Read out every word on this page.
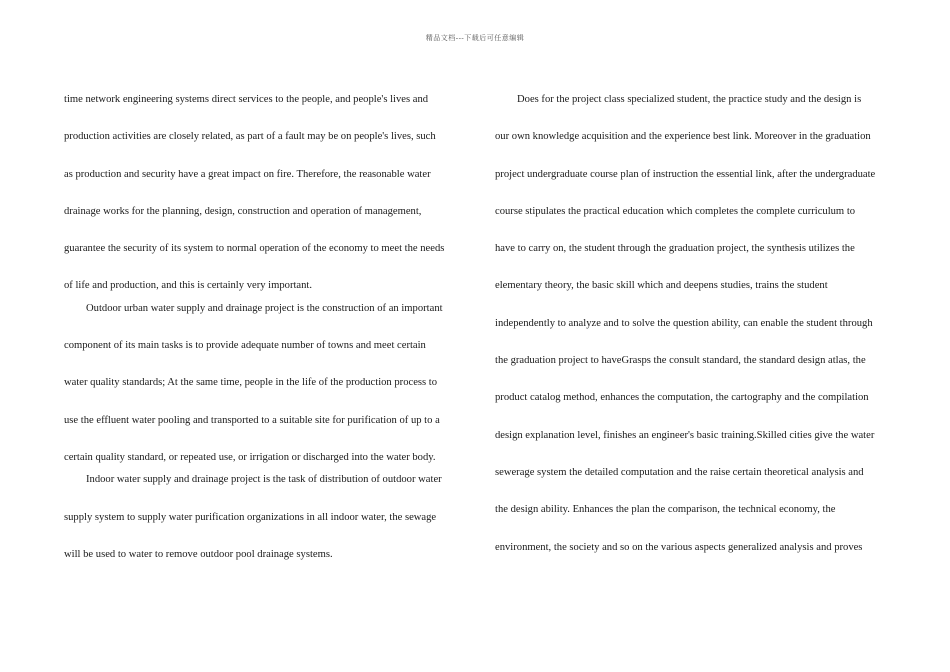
精品文档---下载后可任意编辑

time network engineering systems direct services to the people, and people's lives and
production activities are closely related, as part of a fault may be on people's lives, such
as production and security have a great impact on fire. Therefore, the reasonable water
drainage works for the planning, design, construction and operation of management,
guarantee the security of its system to normal operation of the economy to meet the needs
of life and production, and this is certainly very important.

Outdoor urban water supply and drainage project is the construction of an important
component of its main tasks is to provide adequate number of towns and meet certain
water quality standards; At the same time, people in the life of the production process to
use the effluent water pooling and transported to a suitable site for purification of up to a
certain quality standard, or repeated use, or irrigation or discharged into the water body.

Indoor water supply and drainage project is the task of distribution of outdoor water
supply system to supply water purification organizations in all indoor water, the sewage
will be used to water to remove outdoor pool drainage systems.

Does for the project class specialized student, the practice study and the design is
our own knowledge acquisition and the experience best link. Moreover in the graduation
project undergraduate course plan of instruction the essential link, after the undergraduate
course stipulates the practical education which completes the complete curriculum to
have to carry on, the student through the graduation project, the synthesis utilizes the
elementary theory, the basic skill which and deepens studies, trains the student
independently to analyze and to solve the question ability, can enable the student through
the graduation project to haveGrasps the consult standard, the standard design atlas, the
product catalog method, enhances the computation, the cartography and the compilation
design explanation level, finishes an engineer's basic training.Skilled cities give the water
sewerage system the detailed computation and the raise certain theoretical analysis and
the design ability. Enhances the plan the comparison, the technical economy, the
environment, the society and so on the various aspects generalized analysis and proves
